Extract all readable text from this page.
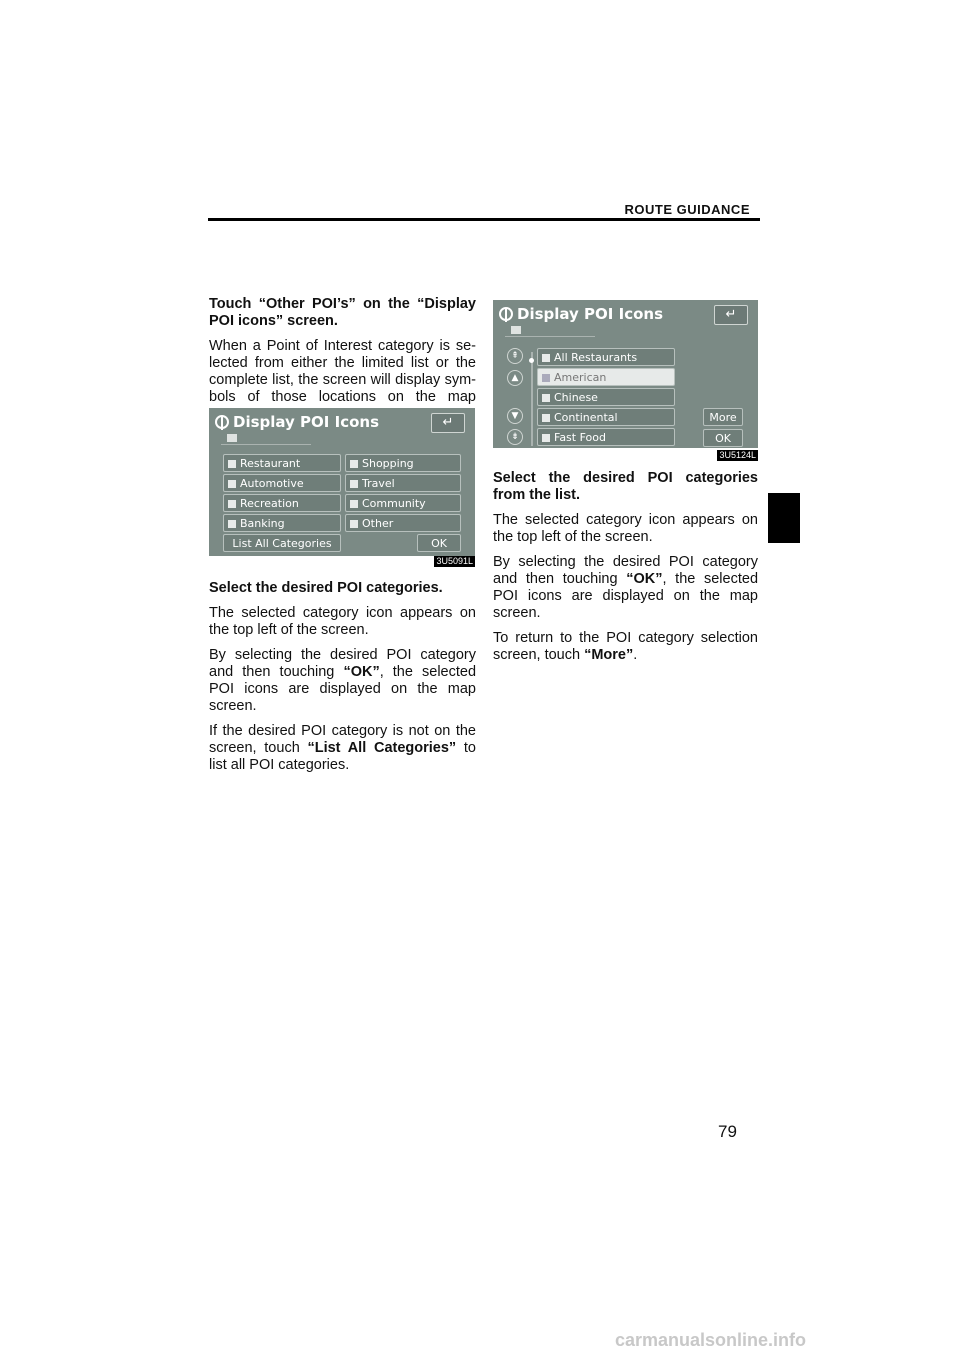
ROUTE GUIDANCE

Touch “Other POI’s” on the “Display POI icons” screen.

When a Point of Interest category is se- lected from either the limited list or the complete list, the screen will display sym- bols of those locations on the map

Display POI Icons	↵
Restaurant
Automotive
Recreation
Banking
Shopping
Travel
Community
Other
List All Categories	OK
3U5091L

Select the desired POI categories.

The selected category icon appears on the top left of the screen.

By selecting the desired POI category and then touching “OK”, the selected POI icons are displayed on the map screen.

If the desired POI category is not on the screen, touch “List All Categories” to list all POI categories.

Display POI Icons	↵
⇞
▲
▼
⇟
All Restaurants
American
Chinese
Continental
Fast Food
More
OK
3U5124L

Select the desired POI categories from the list.

The selected category icon appears on the top left of the screen.

By selecting the desired POI category and then touching “OK”, the selected POI icons are displayed on the map screen.

To return to the POI category selection screen, touch “More”.

79
carmanualsonline.info
